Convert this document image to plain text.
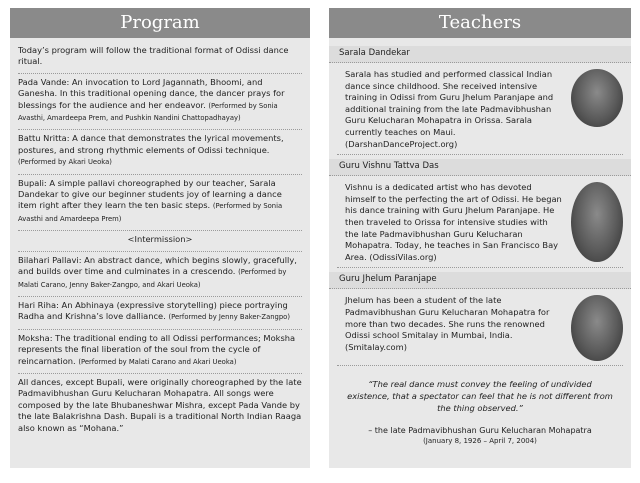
Program
Today’s program will follow the traditional format of Odissi dance ritual.
Pada Vande: An invocation to Lord Jagannath, Bhoomi, and Ganesha. In this traditional opening dance, the dancer prays for blessings for the audience and her endeavor. (Performed by Sonia Avasthi, Amardeepa Prem, and Pushkin Nandini Chattopadhayay)
Battu Nritta: A dance that demonstrates the lyrical movements, postures, and strong rhythmic elements of Odissi technique.
(Performed by Akari Ueoka)
Bupali: A simple pallavi choreographed by our teacher, Sarala Dandekar to give our beginner students joy of learning a dance item right after they learn the ten basic steps. (Performed by Sonia Avasthi and Amardeepa Prem)
<Intermission>
Bilahari Pallavi: An abstract dance, which begins slowly, gracefully, and builds over time and culminates in a crescendo. (Performed by Malati Carano, Jenny Baker-Zangpo, and Akari Ueoka)
Hari Riha: An Abhinaya (expressive storytelling) piece portraying Radha and Krishna’s love dalliance. (Performed by Jenny Baker-Zangpo)
Moksha: The traditional ending to all Odissi performances; Moksha represents the final liberation of the soul from the cycle of reincarnation. (Performed by Malati Carano and Akari Ueoka)
All dances, except Bupali, were originally choreographed by the late Padmavibhushan Guru Kelucharan Mohapatra. All songs were composed by the late Bhubaneshwar Mishra, except Pada Vande by the late Balakrishna Dash. Bupali is a traditional North Indian Raaga also known as “Mohana.”
Teachers
Sarala Dandekar
Sarala has studied and performed classical Indian dance since childhood. She received intensive training in Odissi from Guru Jhelum Paranjape and additional training from the late Padmavibhushan Guru Kelucharan Mohapatra in Orissa. Sarala currently teaches on Maui. (DarshanDanceProject.org)
Guru Vishnu Tattva Das
Vishnu is a dedicated artist who has devoted himself to the perfecting the art of Odissi. He began his dance training with Guru Jhelum Paranjape. He then traveled to Orissa for intensive studies with the late Padmavibhushan Guru Kelucharan Mohapatra. Today, he teaches in San Francisco Bay Area. (OdissiVilas.org)
Guru Jhelum Paranjape
Jhelum has been a student of the late Padmavibhushan Guru Kelucharan Mohapatra for more than two decades. She runs the renowned Odissi school Smitalay in Mumbai, India. (Smitalay.com)
“The real dance must convey the feeling of undivided existence, that a spectator can feel that he is not different from the thing observed.”
– the late Padmavibhushan Guru Kelucharan Mohapatra
(January 8, 1926 – April 7, 2004)
